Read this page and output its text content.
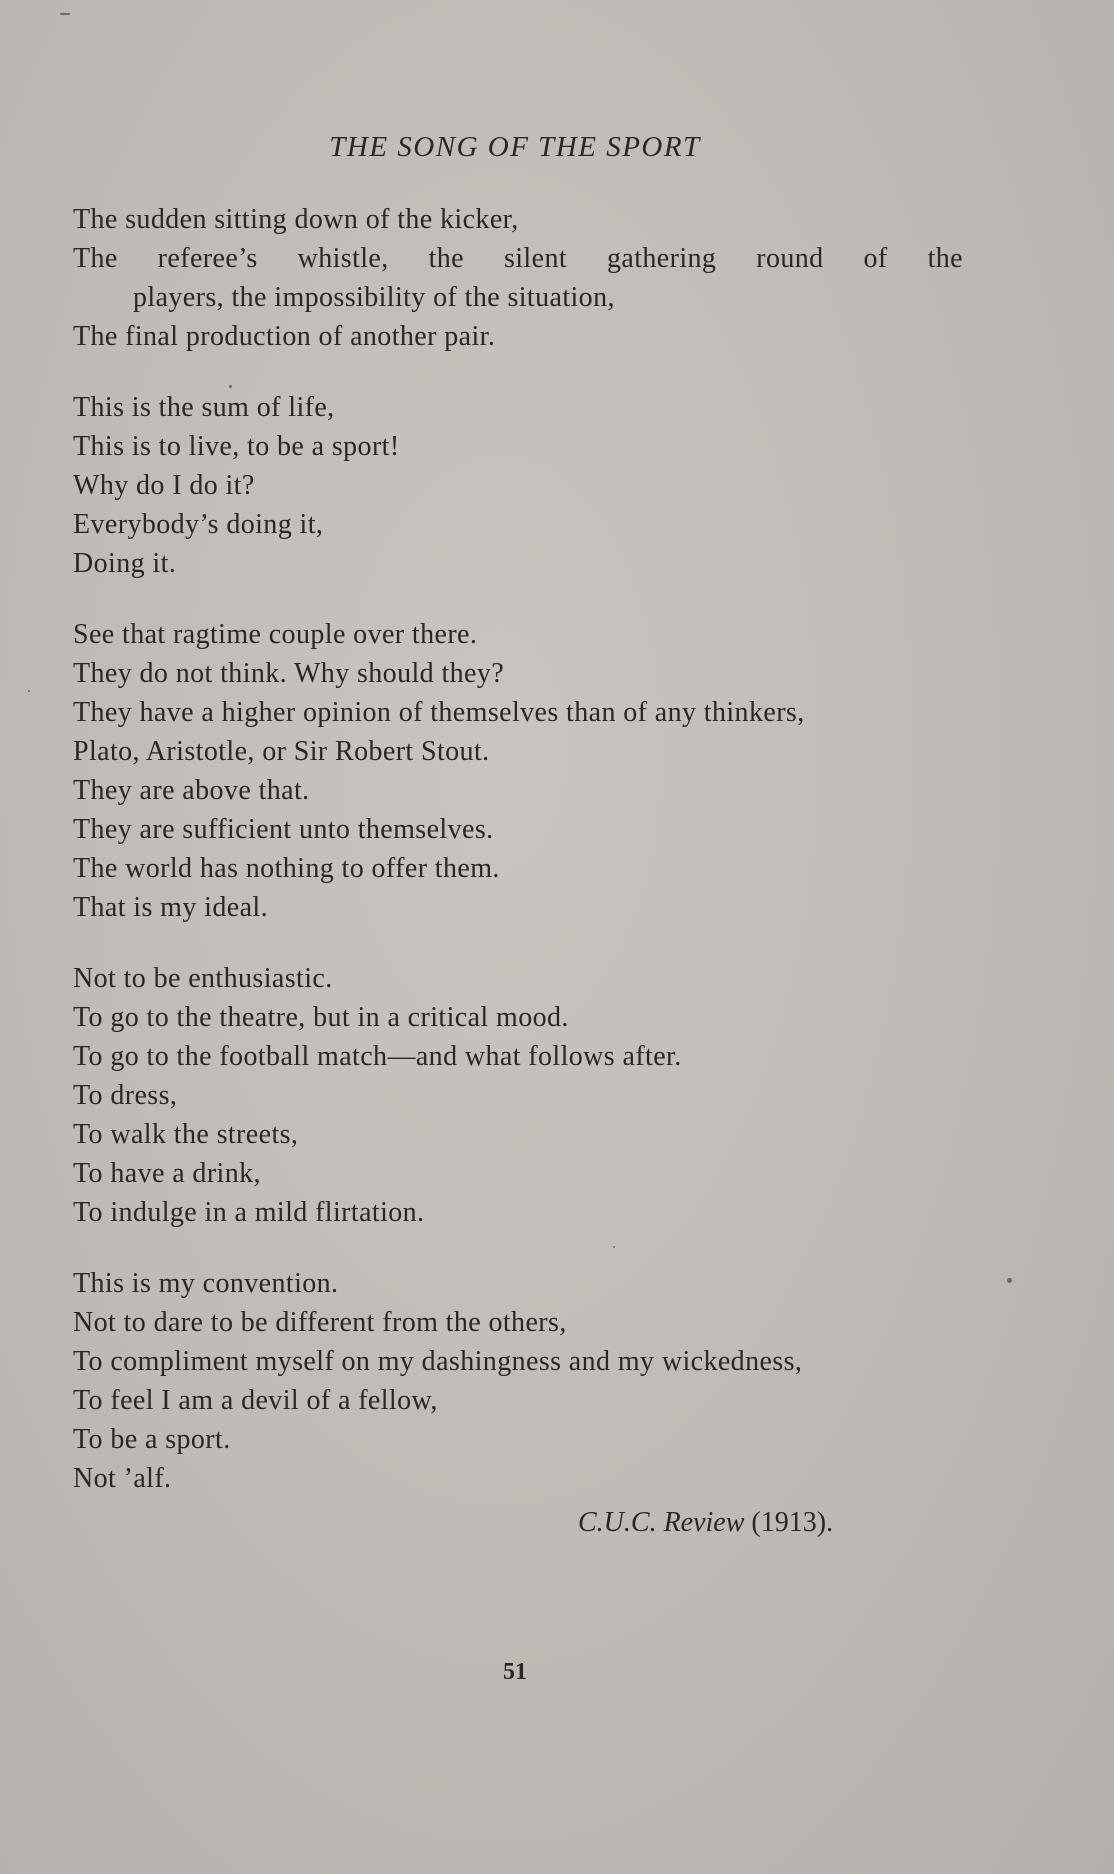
THE SONG OF THE SPORT
The sudden sitting down of the kicker,
The referee’s whistle, the silent gathering round of the
players, the impossibility of the situation,
The final production of another pair.
This is the sum of life,
This is to live, to be a sport!
Why do I do it?
Everybody’s doing it,
Doing it.
See that ragtime couple over there.
They do not think. Why should they?
They have a higher opinion of themselves than of any thinkers,
Plato, Aristotle, or Sir Robert Stout.
They are above that.
They are sufficient unto themselves.
The world has nothing to offer them.
That is my ideal.
Not to be enthusiastic.
To go to the theatre, but in a critical mood.
To go to the football match—and what follows after.
To dress,
To walk the streets,
To have a drink,
To indulge in a mild flirtation.
This is my convention.
Not to dare to be different from the others,
To compliment myself on my dashingness and my wickedness,
To feel I am a devil of a fellow,
To be a sport.
Not ’alf.
C.U.C. Review (1913).
51
